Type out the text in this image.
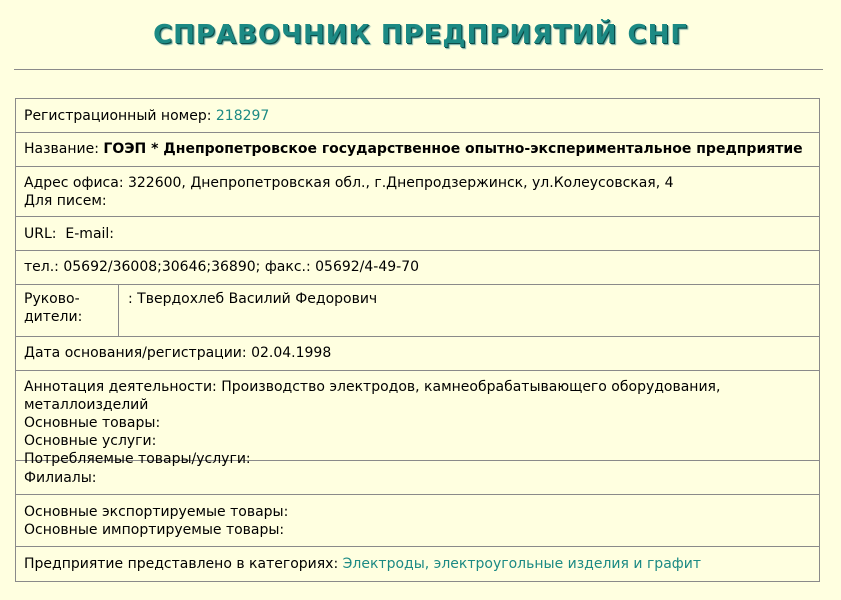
СПРАВОЧНИК ПРЕДПРИЯТИЙ СНГ
Регистрационный номер: 218297
Название: ГОЭП * Днепропетровское государственное опытно-экспериментальное предприятие
Адрес офиса: 322600, Днепропетровская обл., г.Днепродзержинск, ул.Колеусовская, 4
Для писем:
URL: E-mail:
тел.: 05692/36008;30646;36890; факс.: 05692/4-49-70
Руково-
дители:
: Твердохлеб Василий Федорович
Дата основания/регистрации: 02.04.1998
Аннотация деятельности: Производство электродов, камнеобрабатывающего оборудования, металлоизделий
Основные товары:
Основные услуги:
Потребляемые товары/услуги:
Филиалы:
Основные экспортируемые товары:
Основные импортируемые товары:
Предприятие представлено в категориях: Электроды, электроугольные изделия и графит
